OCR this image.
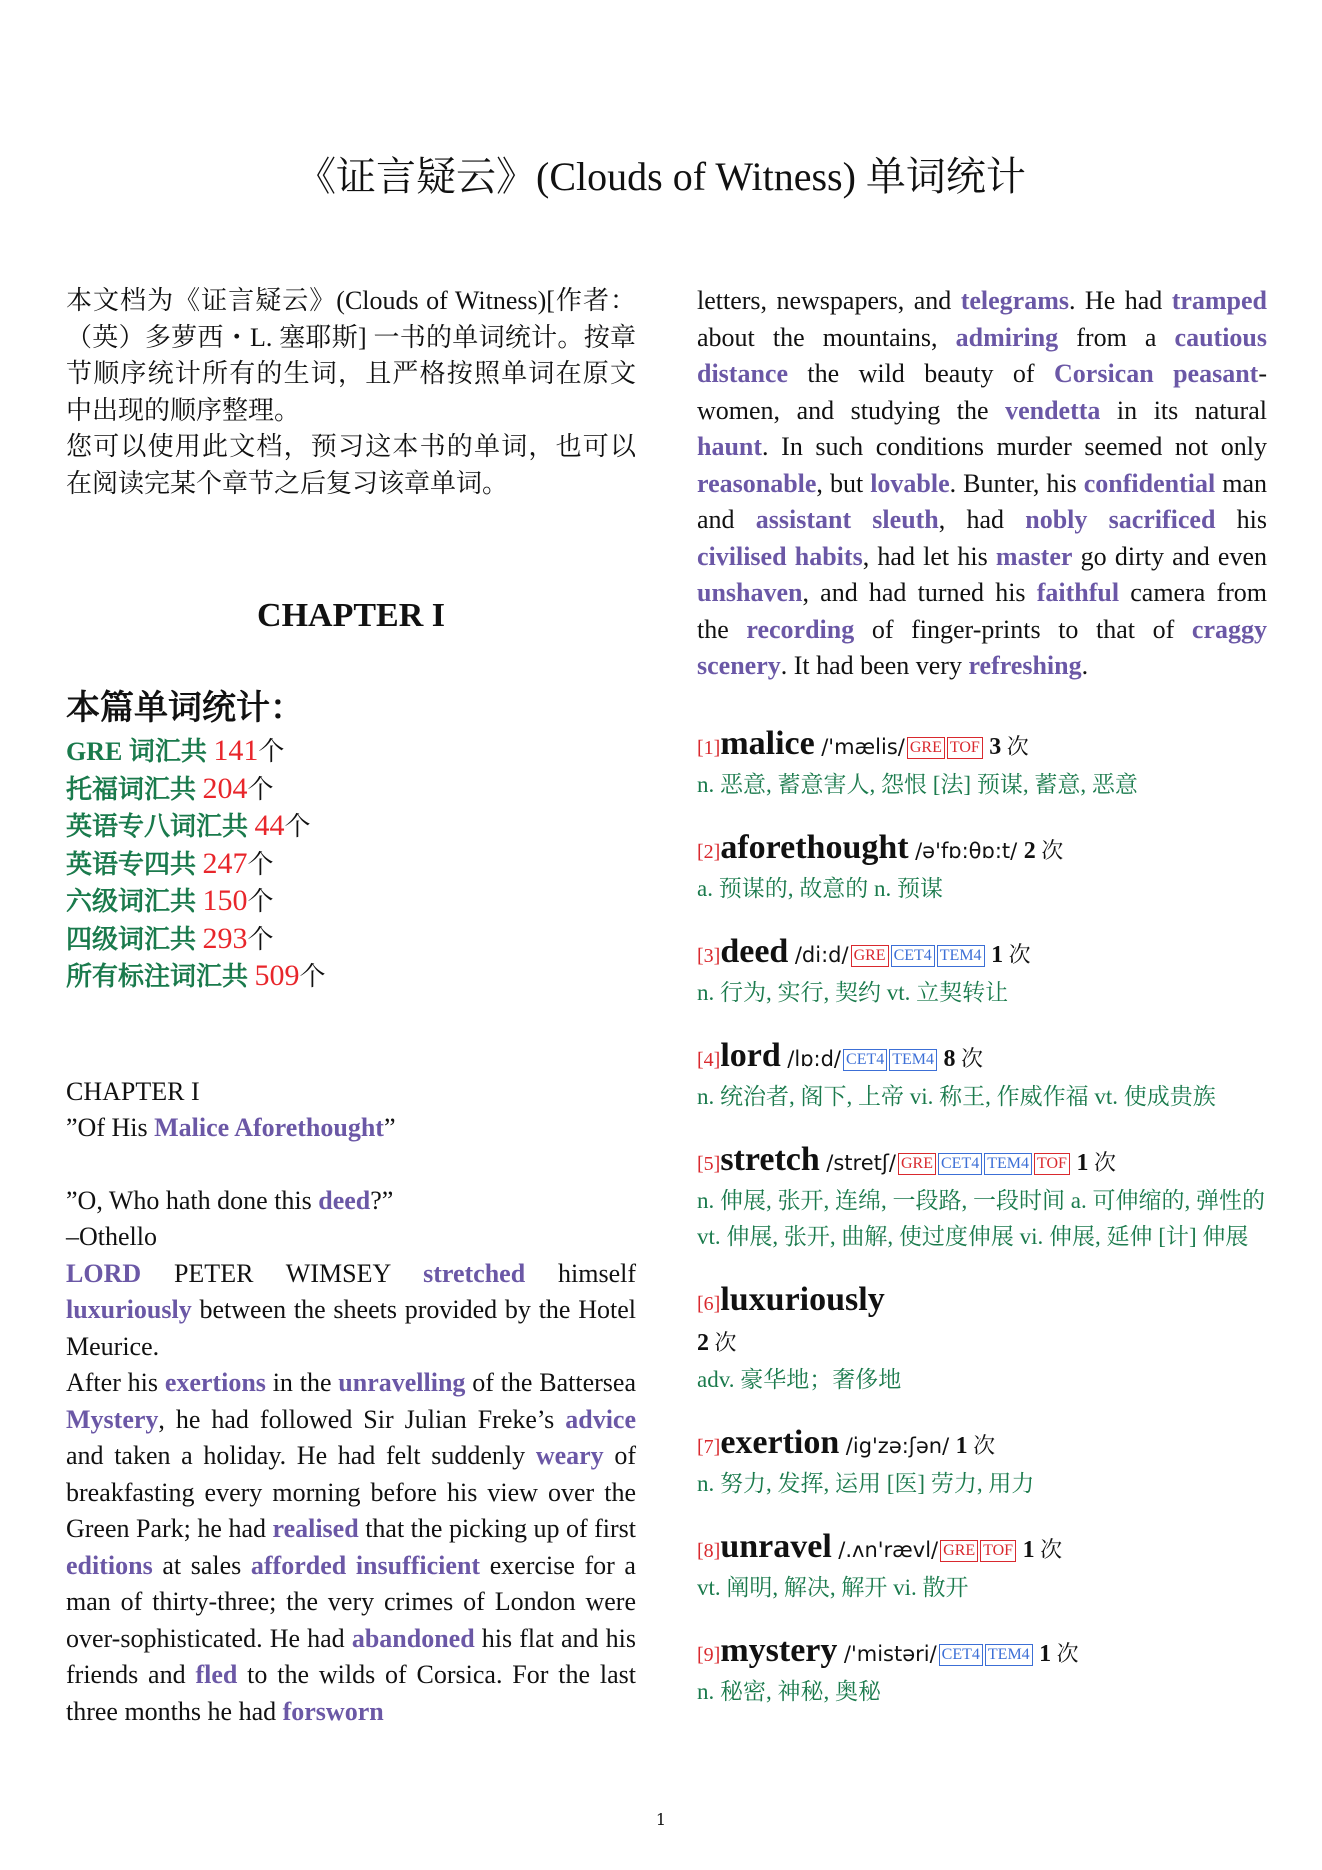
《证言疑云》(Clouds of Witness) 单词统计
本文档为《证言疑云》(Clouds of Witness)[作者：（英）多萝西・L. 塞耶斯] 一书的单词统计。按章节顺序统计所有的生词，且严格按照单词在原文中出现的顺序整理。
您可以使用此文档，预习这本书的单词，也可以在阅读完某个章节之后复习该章单词。
CHAPTER I
本篇单词统计：
GRE 词汇共 141个
托福词汇共 204个
英语专八词汇共 44个
英语专四共 247个
六级词汇共 150个
四级词汇共 293个
所有标注词汇共 509个
CHAPTER I
”Of His Malice Aforethought”
”O, Who hath done this deed?”
–Othello
LORD PETER WIMSEY stretched himself luxuriously between the sheets provided by the Hotel Meurice.
After his exertions in the unravelling of the Battersea Mystery, he had followed Sir Julian Freke’s advice and taken a holiday. He had felt suddenly weary of breakfasting every morning before his view over the Green Park; he had realised that the picking up of first editions at sales afforded insufficient exercise for a man of thirty-three; the very crimes of London were over-sophisticated. He had abandoned his flat and his friends and fled to the wilds of Corsica. For the last three months he had forsworn
letters, newspapers, and telegrams. He had tramped about the mountains, admiring from a cautious distance the wild beauty of Corsican peasant-women, and studying the vendetta in its natural haunt. In such conditions murder seemed not only reasonable, but lovable. Bunter, his confidential man and assistant sleuth, had nobly sacrificed his civilised habits, had let his master go dirty and even unshaven, and had turned his faithful camera from the recording of finger-prints to that of craggy scenery. It had been very refreshing.
[1]malice /'mælis/ GRE TOF 3 次
n. 恶意, 蓄意害人, 怨恨 [法] 预谋, 蓄意, 恶意
[2]aforethought /ə'fɒ:θɒ:t/ 2 次
a. 预谋的, 故意的 n. 预谋
[3]deed /di:d/ GRE CET4 TEM4 1 次
n. 行为, 实行, 契约 vt. 立契转让
[4]lord /lɒ:d/ CET4 TEM4 8 次
n. 统治者, 阁下, 上帝 vi. 称王, 作威作福 vt. 使成贵族
[5]stretch /stretʃ/ GRE CET4 TEM4 TOF 1 次
n. 伸展, 张开, 连绵, 一段路, 一段时间 a. 可伸缩的, 弹性的 vt. 伸展, 张开, 曲解, 使过度伸展 vi. 伸展, 延伸 [计] 伸展
[6]luxuriously
2 次
adv. 豪华地；奢侈地
[7]exertion /ig'zə:ʃən/ 1 次
n. 努力, 发挥, 运用 [医] 劳力, 用力
[8]unravel /.ʌn'rævl/ GRE TOF 1 次
vt. 阐明, 解决, 解开 vi. 散开
[9]mystery /'mistəri/ CET4 TEM4 1 次
n. 秘密, 神秘, 奥秘
1
